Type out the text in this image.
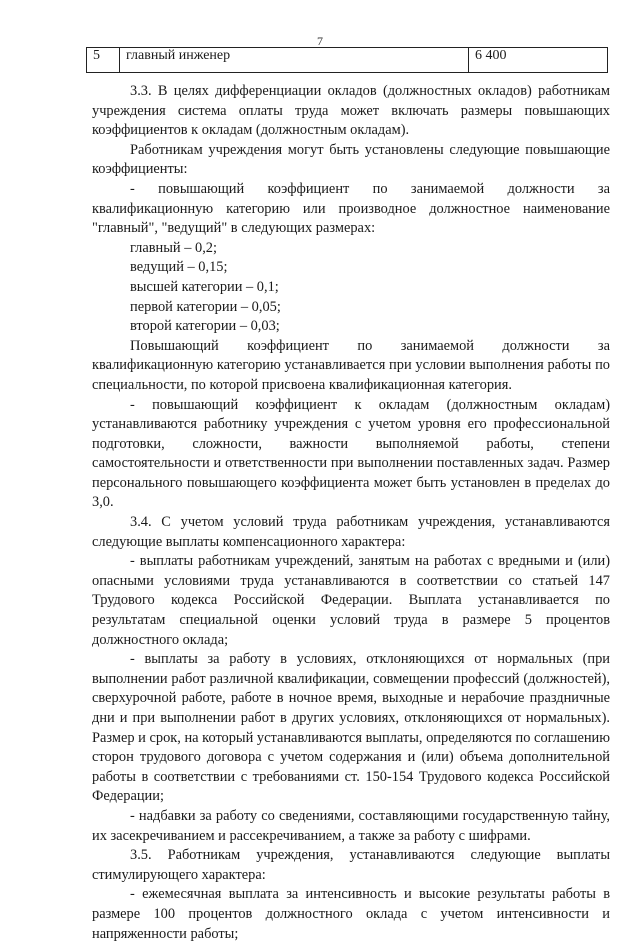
7
5	главный инженер	6 400

3.3. В целях дифференциации окладов (должностных окладов) работникам учреждения система оплаты труда может включать размеры повышающих коэффициентов к окладам (должностным окладам).

Работникам учреждения могут быть установлены следующие повышающие коэффициенты:

- повышающий коэффициент по занимаемой должности за квалификационную категорию или производное должностное наименование "главный", "ведущий" в следующих размерах:

главный – 0,2;

ведущий – 0,15;

высшей категории – 0,1;

первой категории – 0,05;

второй категории – 0,03;

Повышающий коэффициент по занимаемой должности за квалификационную категорию устанавливается при условии выполнения работы по специальности, по которой присвоена квалификационная категория.

- повышающий коэффициент к окладам (должностным окладам) устанавливаются работнику учреждения с учетом уровня его профессиональной подготовки, сложности, важности выполняемой работы, степени самостоятельности и ответственности при выполнении поставленных задач. Размер персонального повышающего коэффициента может быть установлен в пределах до 3,0.

3.4. С учетом условий труда работникам учреждения, устанавливаются следующие выплаты компенсационного характера:

- выплаты работникам учреждений, занятым на работах с вредными и (или) опасными условиями труда устанавливаются в соответствии со статьей 147 Трудового кодекса Российской Федерации. Выплата устанавливается по результатам специальной оценки условий труда в размере 5 процентов должностного оклада;

- выплаты за работу в условиях, отклоняющихся от нормальных (при выполнении работ различной квалификации, совмещении профессий (должностей), сверхурочной работе, работе в ночное время, выходные и нерабочие праздничные дни и при выполнении работ в других условиях, отклоняющихся от нормальных). Размер и срок, на который устанавливаются выплаты, определяются по соглашению сторон трудового договора с учетом содержания и (или) объема дополнительной работы в соответствии с требованиями ст. 150-154 Трудового кодекса Российской Федерации;

- надбавки за работу со сведениями, составляющими государственную тайну, их засекречиванием и рассекречиванием, а также за работу с шифрами.

3.5. Работникам учреждения, устанавливаются следующие выплаты стимулирующего характера:

- ежемесячная выплата за интенсивность и высокие результаты работы в размере 100 процентов должностного оклада с учетом интенсивности и напряженности работы;
